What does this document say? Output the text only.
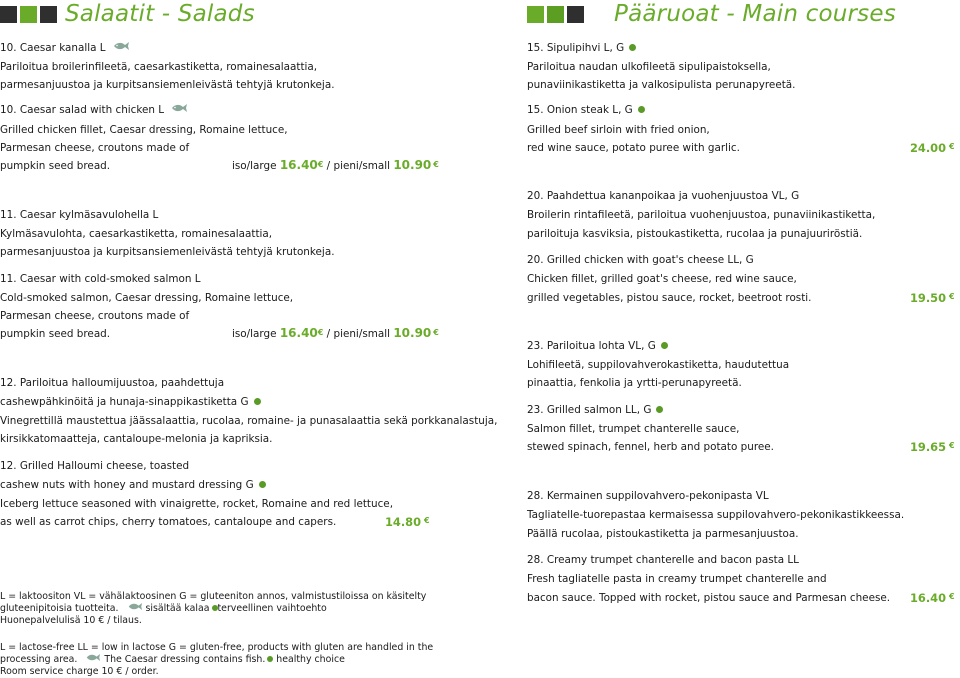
Salaatit - Salads	Pääruoat - Main courses
10. Caesar kanalla L
Pariloitua broilerinfileetä, caesarkastiketta, romainesalaattia,
parmesanjuustoa ja kurpitsansiemenleivästä tehtyjä krutonkeja.
10. Caesar salad with chicken L
Grilled chicken fillet, Caesar dressing, Romaine lettuce,
Parmesan cheese, croutons made of
pumpkin seed bread.	iso/large 16.40€ / pieni/small 10.90 €
11. Caesar kylmäsavulohella L
Kylmäsavulohta, caesarkastiketta, romainesalaattia,
parmesanjuustoa ja kurpitsansiemenleivästä tehtyjä krutonkeja.
11. Caesar with cold-smoked salmon L
Cold-smoked salmon, Caesar dressing, Romaine lettuce,
Parmesan cheese, croutons made of
pumpkin seed bread.	iso/large 16.40€ / pieni/small 10.90 €
12. Pariloitua halloumijuustoa, paahdettuja
cashewpähkinöitä ja hunaja-sinappikastiketta G
Vinegrettillä maustettua jäässalaattia, rucolaa, romaine- ja punasalaattia sekä porkkanalastuja,
kirsikkatomaatteja, cantaloupe-melonia ja kapriksia.
12. Grilled Halloumi cheese, toasted
cashew nuts with honey and mustard dressing G
Iceberg lettuce seasoned with vinaigrette, rocket, Romaine and red lettuce,
as well as carrot chips, cherry tomatoes, cantaloupe and capers.	14.80 €
L = laktoositon VL = vähälaktoosinen G = gluteeniton annos, valmistustiloissa on käsitelty
gluteenipitoisia tuotteita.	sisältää kalaa terveellinen vaihtoehto
Huonepalvelulisä 10 € / tilaus.
L = lactose-free LL = low in lactose G = gluten-free, products with gluten are handled in the
processing area.	The Caesar dressing contains fish. healthy choice
Room service charge 10 € / order.
15. Sipulipihvi L, G
Pariloitua naudan ulkofileetä sipulipaistoksella,
punaviinikastiketta ja valkosipulista perunapyreetä.
15. Onion steak L, G
Grilled beef sirloin with fried onion,
red wine sauce, potato puree with garlic.	24.00 €
20. Paahdettua kananpoikaa ja vuohenjuustoa VL, G
Broilerin rintafileetä, pariloitua vuohenjuustoa, punaviinikastiketta,
pariloituja kasviksia, pistoukastiketta, rucolaa ja punajuuriröstiä.
20. Grilled chicken with goat's cheese LL, G
Chicken fillet, grilled goat's cheese, red wine sauce,
grilled vegetables, pistou sauce, rocket, beetroot rosti.	19.50 €
23. Pariloitua lohta VL, G
Lohifileetä, suppilovahverokastiketta, haudutettua
pinaattia, fenkolia ja yrtti-perunapyreetä.
23. Grilled salmon LL, G
Salmon fillet, trumpet chanterelle sauce,
stewed spinach, fennel, herb and potato puree.	19.65 €
28. Kermainen suppilovahvero-pekonipasta VL
Tagliatelle-tuorepastaa kermaisessa suppilovahvero-pekonikastikkeessa.
Päällä rucolaa, pistoukastiketta ja parmesanjuustoa.
28. Creamy trumpet chanterelle and bacon pasta LL
Fresh tagliatelle pasta in creamy trumpet chanterelle and
bacon sauce. Topped with rocket, pistou sauce and Parmesan cheese. 16.40 €
